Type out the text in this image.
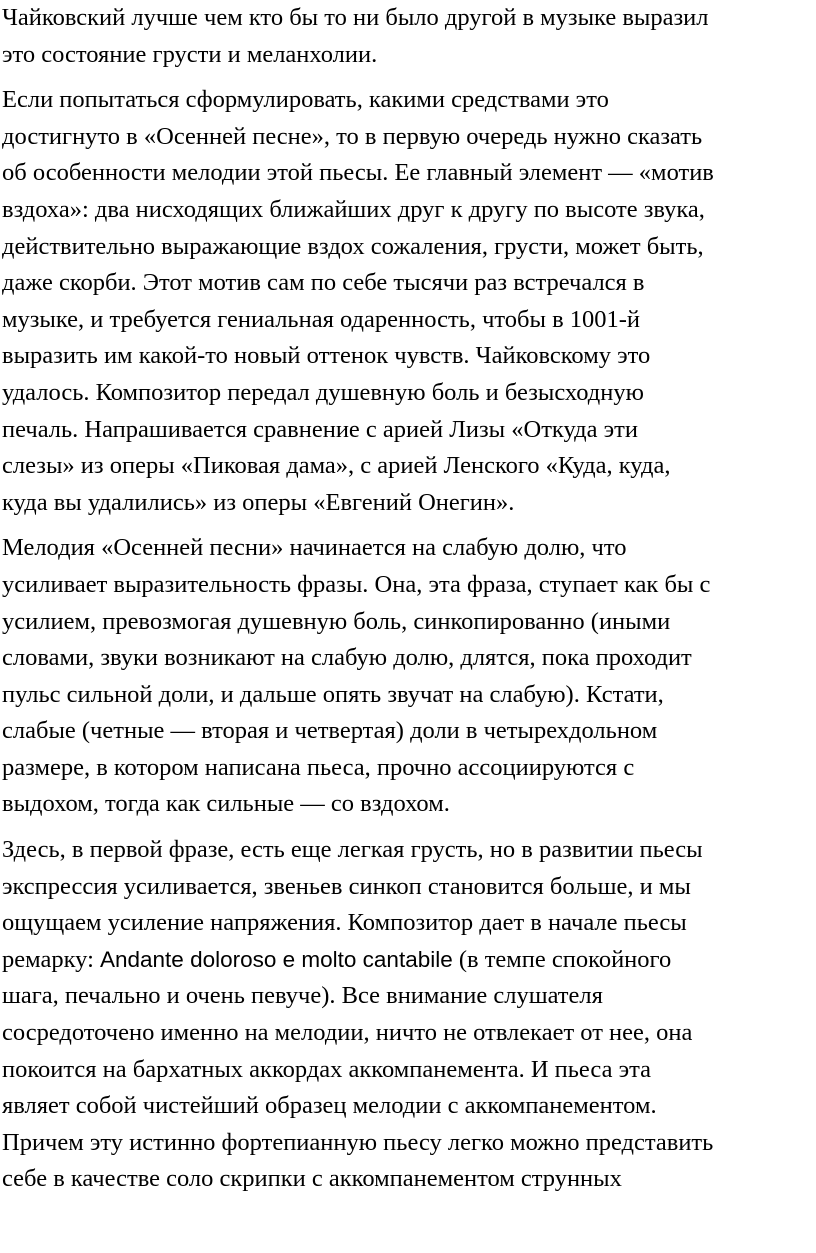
Чайковский лучше чем кто бы то ни было другой в музыке выразил
это состояние грусти и меланхолии.
Если попытаться сформулировать, какими средствами это
достигнуто в «Осенней песне», то в первую очередь нужно сказать
об особенности мелодии этой пьесы. Ее главный элемент — «мотив
вздоха»: два нисходящих ближайших друг к другу по высоте звука,
действительно выражающие вздох сожаления, грусти, может быть,
даже скорби. Этот мотив сам по себе тысячи раз встречался в
музыке, и требуется гениальная одаренность, чтобы в 1001-й
выразить им какой-то новый оттенок чувств. Чайковскому это
удалось. Композитор передал душевную боль и безысходную
печаль. Напрашивается сравнение с арией Лизы «Откуда эти
слезы» из оперы «Пиковая дама», с арией Ленского «Куда, куда,
куда вы удалились» из оперы «Евгений Онегин».
Мелодия «Осенней песни» начинается на слабую долю, что
усиливает выразительность фразы. Она, эта фраза, ступает как бы с
усилием, превозмогая душевную боль, синкопированно (иными
словами, звуки возникают на слабую долю, длятся, пока проходит
пульс сильной доли, и дальше опять звучат на слабую). Кстати,
слабые (четные — вторая и четвертая) доли в четырехдольном
размере, в котором написана пьеса, прочно ассоциируются с
выдохом, тогда как сильные — со вздохом.
Здесь, в первой фразе, есть еще легкая грусть, но в развитии пьесы
экспрессия усиливается, звеньев синкоп становится больше, и мы
ощущаем усиление напряжения. Композитор дает в начале пьесы
ремарку: Andante doloroso e molto cantabile (в темпе спокойного
шага, печально и очень певуче). Все внимание слушателя
сосредоточено именно на мелодии, ничто не отвлекает от нее, она
покоится на бархатных аккордах аккомпанемента. И пьеса эта
являет собой чистейший образец мелодии с аккомпанементом.
Причем эту истинно фортепианную пьесу легко можно представить
себе в качестве соло скрипки с аккомпанементом струнных
